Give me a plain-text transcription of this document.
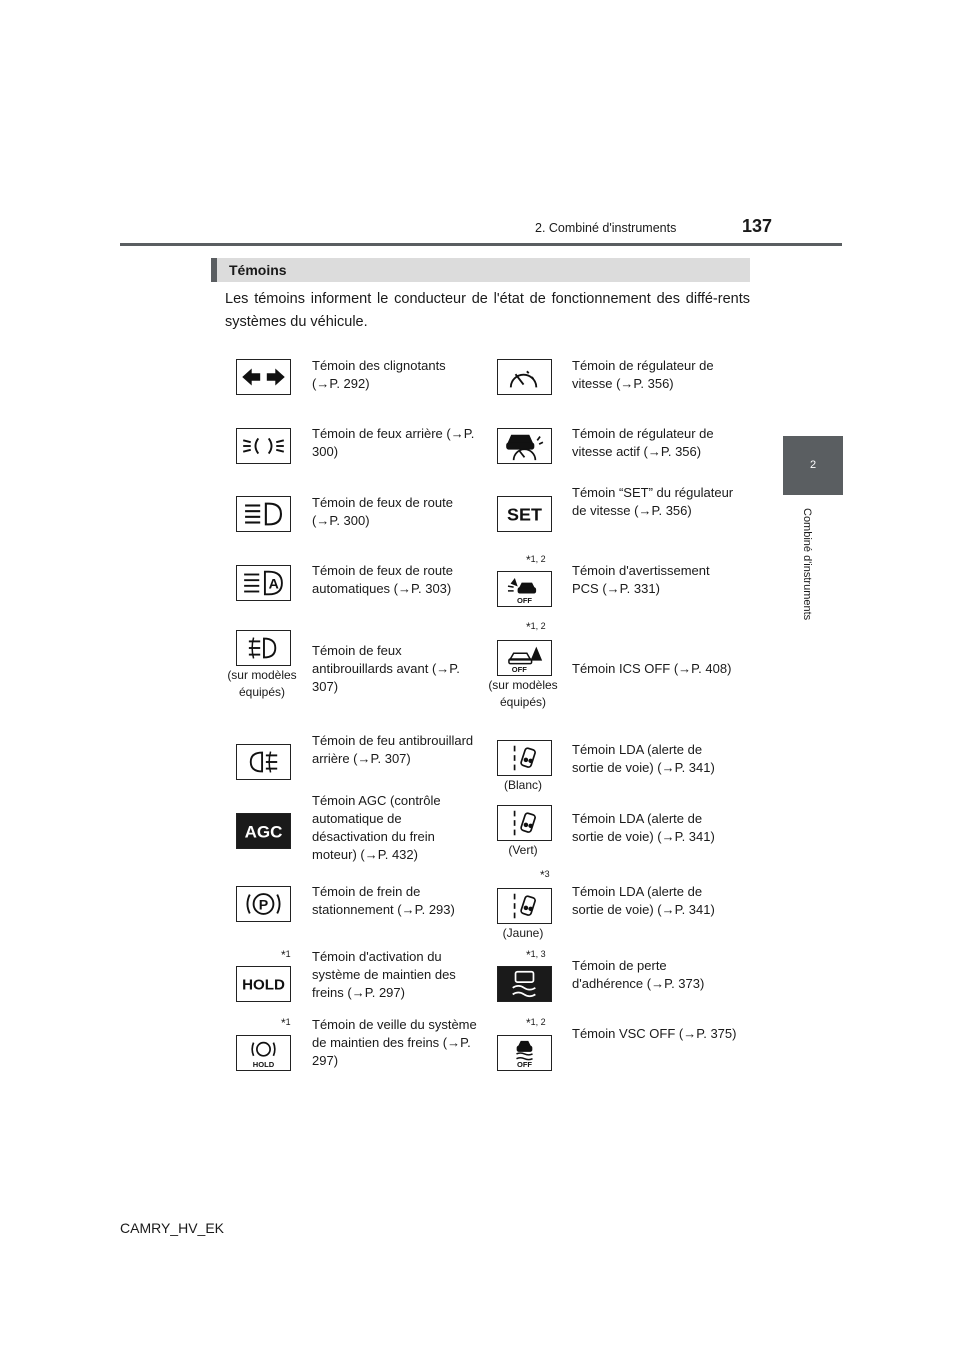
2. Combiné d'instruments	137
2
Combiné d'instruments
Témoins
Les témoins informent le conducteur de l'état de fonctionnement des diffé-rents systèmes du véhicule.
Témoin des clignotants (→P. 292)
Témoin de feux arrière (→P. 300)
Témoin de feux de route (→P. 300)
A
Témoin de feux de route automatiques (→P. 303)
(sur modèles équipés)
Témoin de feux antibrouillards avant (→P. 307)
Témoin de feu antibrouillard arrière (→P. 307)
AGC
Témoin AGC (contrôle automatique de désactivation du frein moteur) (→P. 432)
P
Témoin de frein de stationnement (→P. 293)
*$^1$
HOLD
Témoin d'activation du système de maintien des freins (→P. 297)
*$^1$
HOLD
Témoin de veille du système de maintien des freins (→P. 297)
Témoin de régulateur de vitesse (→P. 356)
Témoin de régulateur de vitesse actif (→P. 356)
SET
Témoin “SET” du régulateur de vitesse (→P. 356)
*$^{1, 2}$
OFF
Témoin d'avertissement PCS (→P. 331)
*$^{1, 2}$
OFF
(sur modèles équipés)
Témoin ICS OFF (→P. 408)
(Blanc)
Témoin LDA (alerte de sortie de voie) (→P. 341)
(Vert)
Témoin LDA (alerte de sortie de voie) (→P. 341)
*$^3$
(Jaune)
Témoin LDA (alerte de sortie de voie) (→P. 341)
*$^{1, 3}$
Témoin de perte d'adhérence (→P. 373)
*$^{1, 2}$
OFF
Témoin VSC OFF (→P. 375)
CAMRY_HV_EK
